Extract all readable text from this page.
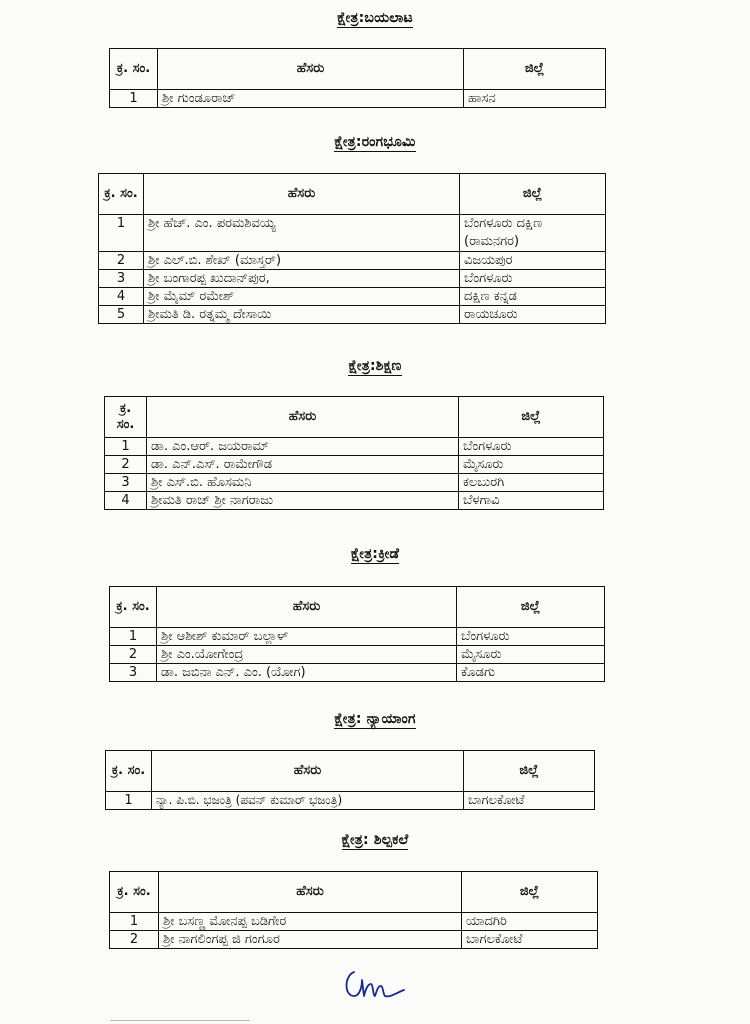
ಕ್ಷೇತ್ರ:ಬಯಲಾಟ
ಕ್ರ. ಸಂ.	ಹೆಸರು	ಜಿಲ್ಲೆ
1	ಶ್ರೀ ಗುಂಡೂರಾಜ್	ಹಾಸನ
ಕ್ಷೇತ್ರ:ರಂಗಭೂಮಿ
ಕ್ರ. ಸಂ.	ಹೆಸರು	ಜಿಲ್ಲೆ
1	ಶ್ರೀ ಹೆಚ್. ಎಂ. ಪರಮಶಿವಯ್ಯ	ಬೆಂಗಳೂರು ದಕ್ಷಿಣ (ರಾಮನಗರ)
2	ಶ್ರೀ ಎಲ್.ಬಿ. ಶೇಖ್ (ಮಾಸ್ತರ್)	ವಿಜಯಪುರ
3	ಶ್ರೀ ಬಂಗಾರಪ್ಪ ಖುದಾನ್‌ಪುರ,	ಬೆಂಗಳೂರು
4	ಶ್ರೀ ಮೈಮ್ ರಮೇಶ್	ದಕ್ಷಿಣ ಕನ್ನಡ
5	ಶ್ರೀಮತಿ ಡಿ. ರತ್ನಮ್ಮ ದೇಸಾಯಿ	ರಾಯಚೂರು
ಕ್ಷೇತ್ರ:ಶಿಕ್ಷಣ
ಕ್ರ. ಸಂ.	ಹೆಸರು	ಜಿಲ್ಲೆ
1	ಡಾ. ಎಂ.ಆರ್. ಜಯರಾಮ್	ಬೆಂಗಳೂರು
2	ಡಾ. ಎನ್.ಎಸ್. ರಾಮೇಗೌಡ	ಮೈಸೂರು
3	ಶ್ರೀ ಎಸ್.ಬಿ. ಹೊಸಮನಿ	ಕಲಬುರಗಿ
4	ಶ್ರೀಮತಿ ರಾಜ್ ಶ್ರೀ ನಾಗರಾಜು	ಬೆಳಗಾವಿ
ಕ್ಷೇತ್ರ:ಕ್ರೀಡೆ
ಕ್ರ. ಸಂ.	ಹೆಸರು	ಜಿಲ್ಲೆ
1	ಶ್ರೀ ಆಶೀಶ್ ಕುಮಾರ್ ಬಲ್ಲಾಳ್	ಬೆಂಗಳೂರು
2	ಶ್ರೀ ಎಂ.ಯೋಗೇಂದ್ರ	ಮೈಸೂರು
3	ಡಾ. ಜಬಿನಾ ಎನ್. ಎಂ. (ಯೋಗ)	ಕೊಡಗು
ಕ್ಷೇತ್ರ: ನ್ಯಾಯಾಂಗ
ಕ್ರ. ಸಂ.	ಹೆಸರು	ಜಿಲ್ಲೆ
1	ನ್ಯಾ. ಪಿ.ಬಿ. ಭಜಂತ್ರಿ (ಪವನ್ ಕುಮಾರ್ ಭಜಂತ್ರಿ)	ಬಾಗಲಕೋಟೆ
ಕ್ಷೇತ್ರ: ಶಿಲ್ಪಕಲೆ
ಕ್ರ. ಸಂ.	ಹೆಸರು	ಜಿಲ್ಲೆ
1	ಶ್ರೀ ಬಸಣ್ಣ ಮೋನಪ್ಪ ಬಡಿಗೇರ	ಯಾದಗಿರಿ
2	ಶ್ರೀ ನಾಗಲಿಂಗಪ್ಪ ಜಿ ಗಂಗೂರ	ಬಾಗಲಕೋಟೆ
